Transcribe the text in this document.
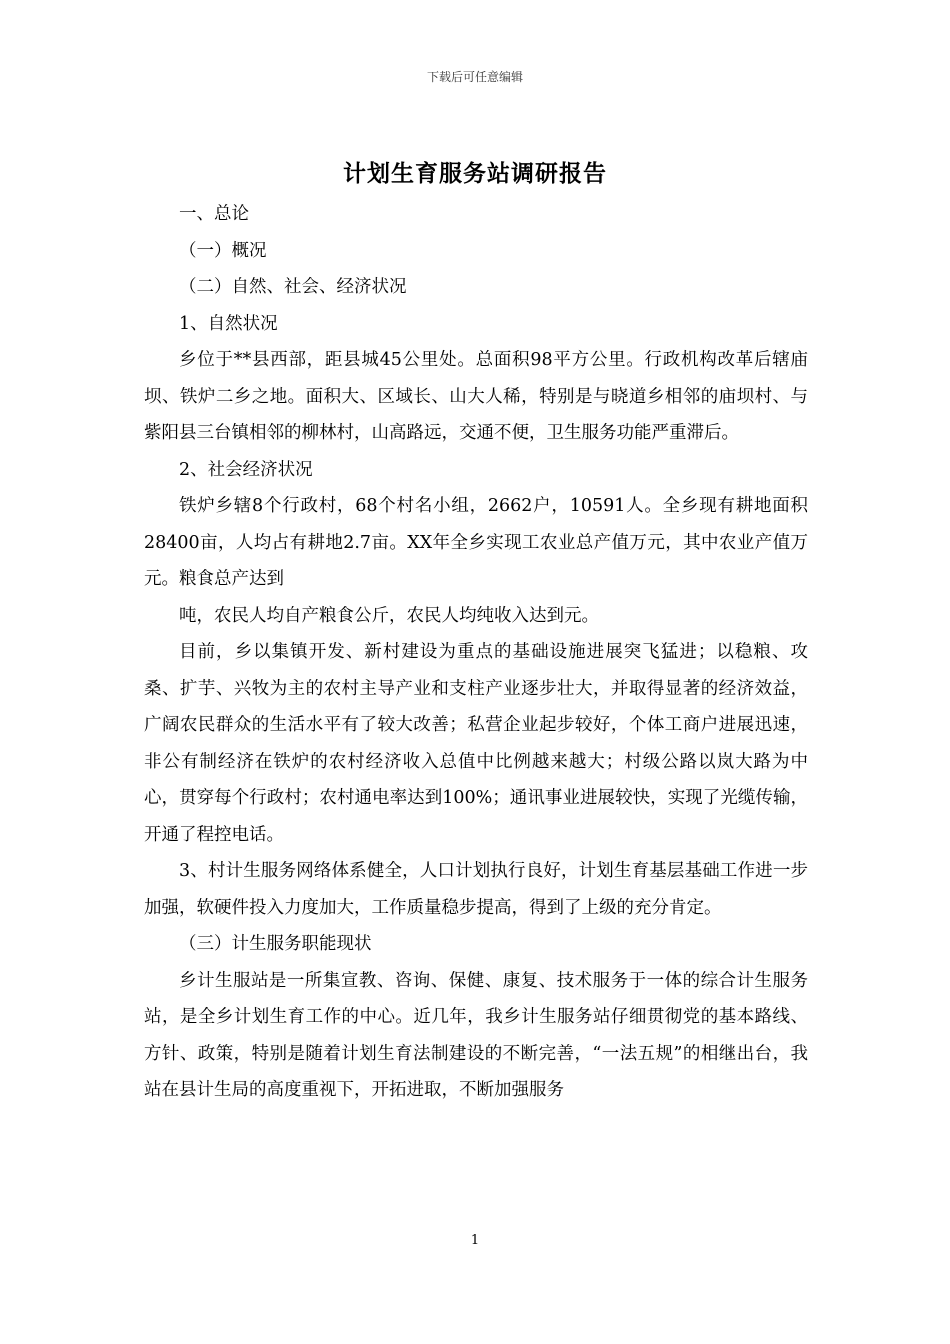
下载后可任意编辑
计划生育服务站调研报告

一、总论

（一）概况

（二）自然、社会、经济状况

1、自然状况

乡位于**县西部，距县城45公里处。总面积98平方公里。行政机构改革后辖庙坝、铁炉二乡之地。面积大、区域长、山大人稀，特别是与晓道乡相邻的庙坝村、与紫阳县三台镇相邻的柳林村，山高路远，交通不便，卫生服务功能严重滞后。

2、社会经济状况

铁炉乡辖8个行政村，68个村名小组，2662户，10591人。全乡现有耕地面积28400亩，人均占有耕地2.7亩。XX年全乡实现工农业总产值万元，其中农业产值万元。粮食总产达到

吨，农民人均自产粮食公斤，农民人均纯收入达到元。

目前，乡以集镇开发、新村建设为重点的基础设施进展突飞猛进；以稳粮、攻桑、扩芋、兴牧为主的农村主导产业和支柱产业逐步壮大，并取得显著的经济效益，广阔农民群众的生活水平有了较大改善；私营企业起步较好，个体工商户进展迅速，非公有制经济在铁炉的农村经济收入总值中比例越来越大；村级公路以岚大路为中心，贯穿每个行政村；农村通电率达到100%；通讯事业进展较快，实现了光缆传输，开通了程控电话。

3、村计生服务网络体系健全，人口计划执行良好，计划生育基层基础工作进一步加强，软硬件投入力度加大，工作质量稳步提高，得到了上级的充分肯定。

（三）计生服务职能现状

乡计生服站是一所集宣教、咨询、保健、康复、技术服务于一体的综合计生服务站，是全乡计划生育工作的中心。近几年，我乡计生服务站仔细贯彻党的基本路线、方针、政策，特别是随着计划生育法制建设的不断完善，“一法五规”的相继出台，我站在县计生局的高度重视下，开拓进取，不断加强服务

1
